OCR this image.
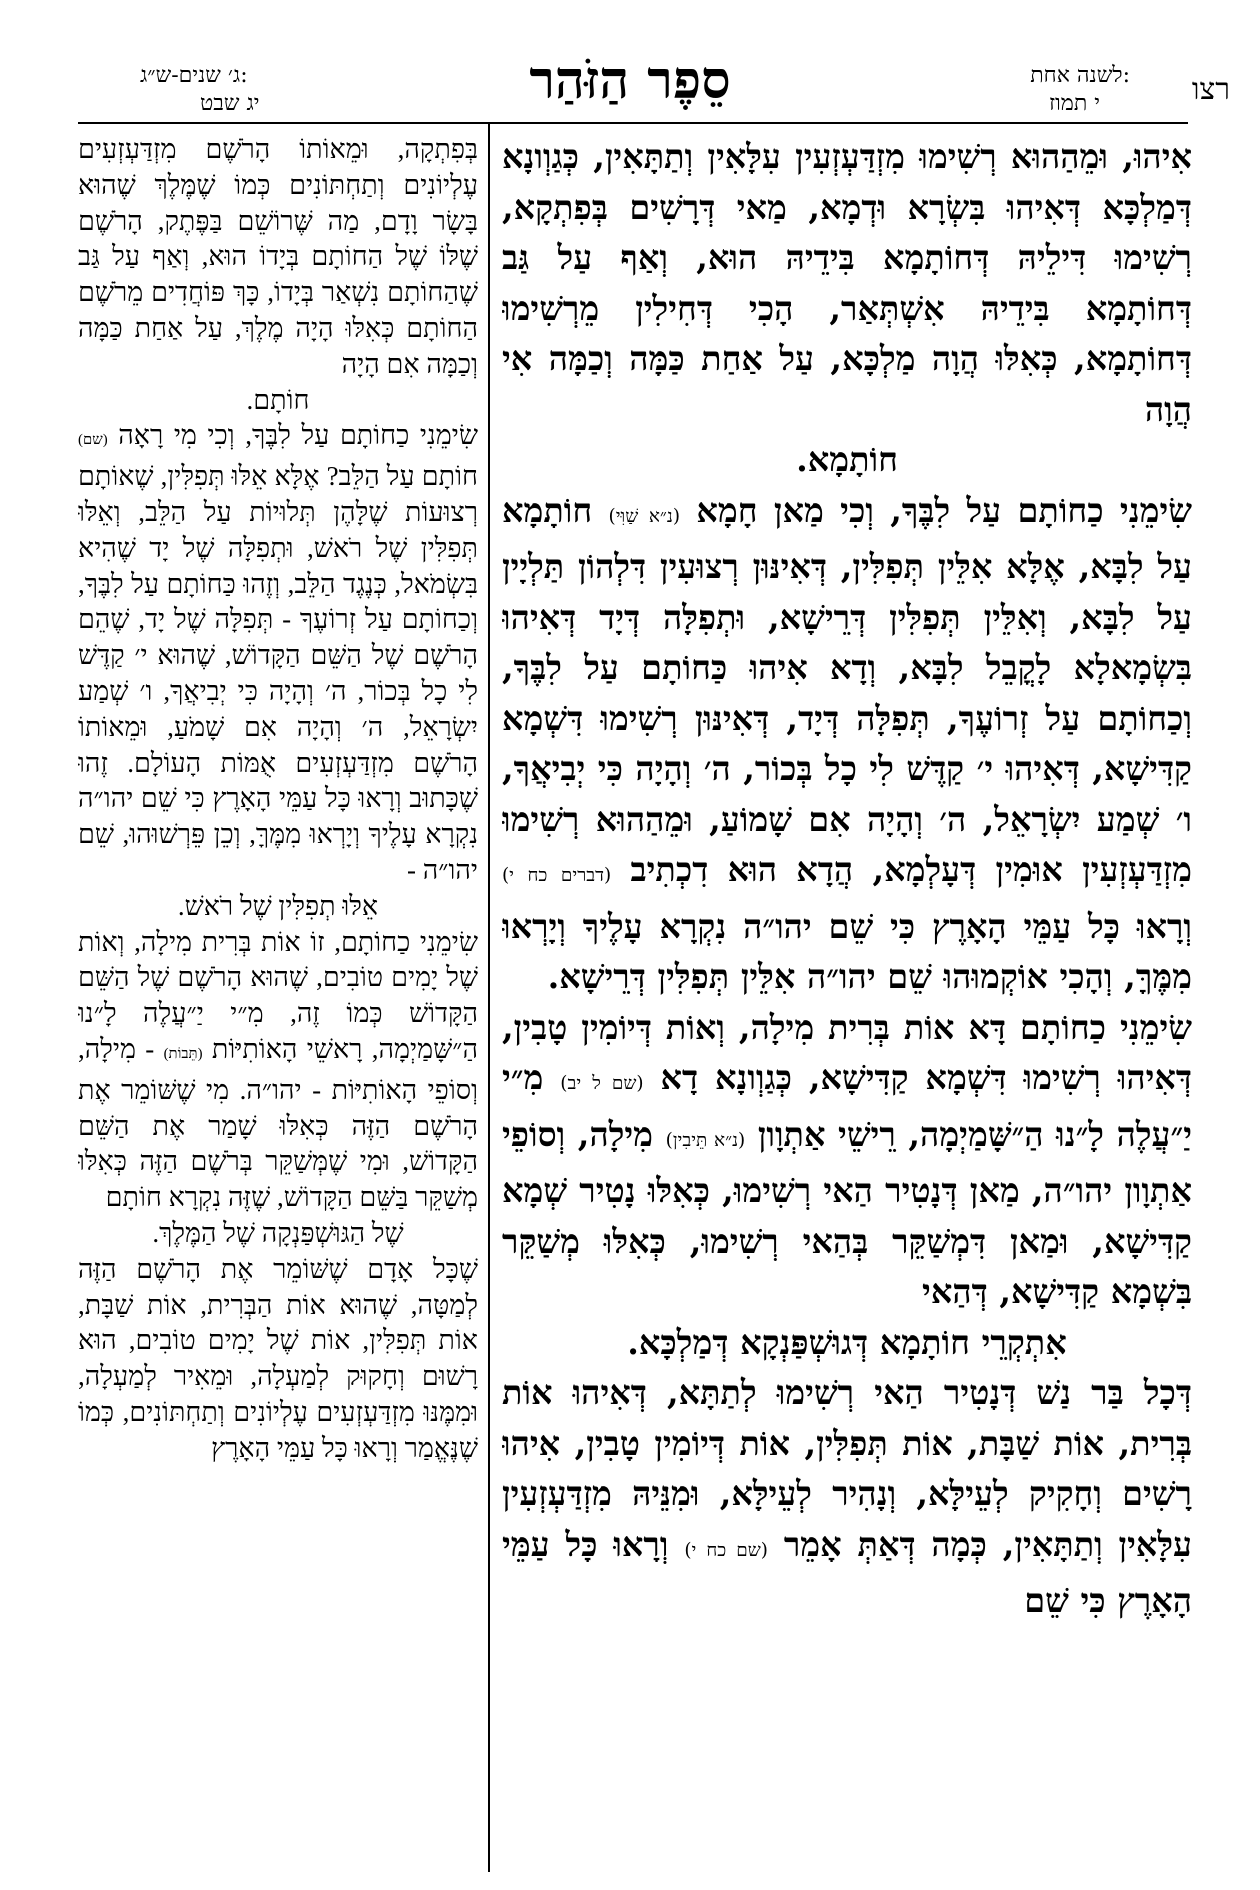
רצו
לשנה אחת:
י תמוז
סֵפֶר הַזֹּהַר
ג׳ שנים-ש״ג:
יג שבט

אִיהוּ, וּמֵהַהוּא רְשִׁימוּ מִזְדַּעְזְעִין עִלָּאִין וְתַתָּאִין, כְּגַוְונָא דְּמַלְכָּא דְּאִיהוּ בִּשְׂרָא וּדְמָא, מַאי דְּרָשִׁים בְּפִתְקָא, רְשִׁימוּ דִּילֵיהּ דְּחוֹתָמָא בִּידֵיהּ הוּא, וְאַף עַל גַּב דְּחוֹתָמָא בִּידֵיהּ אִשְׁתְּאַר, הָכִי דְּחִילִין מֵרְשִׁימוּ דְּחוֹתָמָא, כְּאִלּוּ הֲוָה מַלְכָּא, עַל אַחַת כַּמָּה וְכַמָּה אִי הֲוָה

חוֹתָמָא.

שִׂימֵנִי כַחוֹתָם עַל לִבֶּךָ, וְכִי מַאן חָמָא (נ״א שַׁוִּי) חוֹתָמָא עַל לִבָּא, אֶלָּא אִלֵּין תְּפִלִּין, דְּאִינּוּן רְצוּעִין דִּלְהוֹן תַּלְיָין עַל לִבָּא, וְאִלֵּין תְּפִלִּין דְּרֵישָׁא, וּתְפִלָּה דְּיָד דְּאִיהוּ בִּשְׂמָאלָא לָקֳבֵל לִבָּא, וְדָא אִיהוּ כַּחוֹתָם עַל לִבֶּךָ, וְכַחוֹתָם עַל זְרוֹעֶךָ, תְּפִלָּה דְּיָד, דְּאִינּוּן רְשִׁימוּ דִּשְׁמָא קַדִּישָׁא, דְּאִיהוּ י׳ קַדֶּשׁ לִי כָל בְּכוֹר, ה׳ וְהָיָה כִּי יְבִיאֲךָ, ו׳ שְׁמַע יִשְׂרָאֵל, ה׳ וְהָיָה אִם שָׁמוֹעַ, וּמֵהַהוּא רְשִׁימוּ מִזְדַּעְזְעִין אוּמִין דְּעָלְמָא, הֲדָא הוּא דִכְתִיב (דברים כח י) וְרָאוּ כָּל עַמֵּי הָאָרֶץ כִּי שֵׁם יהו״ה נִקְרָא עָלֶיךָ וְיָרְאוּ מִמֶּךָּ, וְהָכִי אוֹקְמוּהוּ שֵׁם יהו״ה אִלֵּין תְּפִלִּין דְּרֵישָׁא.

שִׂימֵנִי כַחוֹתָם דָּא אוֹת בְּרִית מִילָה, וְאוֹת דְּיוֹמִין טָבִין, דְּאִיהוּ רְשִׁימוּ דִּשְׁמָא קַדִּישָׁא, כְּגַוְונָא דָא (שם ל יב) מִ״י יַ״עֲלֶה לָ״נוּ הַ״שָּׁמַיְמָה, רֵישֵׁי אַתְוָון (נ״א תֵּיבִין) מִילָה, וְסוֹפֵי אַתְוָון יהו״ה, מַאן דְּנָטִיר הַאי רְשִׁימוּ, כְּאִלּוּ נָטִיר שְׁמָא קַדִּישָׁא, וּמַאן דִּמְשַׁקֵּר בְּהַאי רְשִׁימוּ, כְּאִלּוּ מְשַׁקֵּר בִּשְׁמָא קַדִּישָׁא, דְּהַאי

אִתְקְרֵי חוֹתָמָא דְּגוּשְׁפַּנְקָא דְּמַלְכָּא.

דְּכָל בַּר נַשׁ דְּנָטִיר הַאי רְשִׁימוּ לְתַתָּא, דְּאִיהוּ אוֹת בְּרִית, אוֹת שַׁבָּת, אוֹת תְּפִלִּין, אוֹת דְּיוֹמִין טָבִין, אִיהוּ רָשִׁים וְחָקִיק לְעֵילָּא, וְנָהִיר לְעֵילָּא, וּמִנֵּיהּ מִזְדַּעְזְעִין עִלָּאִין וְתַתָּאִין, כְּמָה דְּאַתְּ אָמֵר (שם כח י) וְרָאוּ כָּל עַמֵּי הָאָרֶץ כִּי שֵׁם

בְּפִתְקָה, וּמֵאוֹתוֹ הָרֹשֶׁם מִזְדַּעְזְעִים עֶלְיוֹנִים וְתַחְתּוֹנִים כְּמוֹ שֶׁמֶּלֶךְ שֶׁהוּא בָּשָׂר וָדָם, מַה שֶּׁרוֹשֵׁם בַּפֶּתֶק, הָרֹשֶׁם שֶׁלּוֹ שֶׁל הַחוֹתָם בְּיָדוֹ הוּא, וְאַף עַל גַּב שֶׁהַחוֹתָם נִשְׁאַר בְּיָדוֹ, כָּךְ פּוֹחֲדִים מֵרֹשֶׁם הַחוֹתָם כְּאִלּוּ הָיָה מֶלֶךְ, עַל אַחַת כַּמָּה וְכַמָּה אִם הָיָה

חוֹתָם.

שִׂימֵנִי כַחוֹתָם עַל לִבֶּךָ, וְכִי מִי רָאָה (שם) חוֹתָם עַל הַלֵּב? אֶלָּא אֵלּוּ תְּפִלִּין, שֶׁאוֹתָם רְצוּעוֹת שֶׁלָּהֶן תְּלוּיוֹת עַל הַלֵּב, וְאֵלּוּ תְּפִלִּין שֶׁל רֹאשׁ, וּתְפִלָּה שֶׁל יָד שֶׁהִיא בִּשְׂמֹאל, כְּנֶגֶד הַלֵּב, וְזֶהוּ כַּחוֹתָם עַל לִבֶּךָ, וְכַחוֹתָם עַל זְרוֹעֶךָ - תְּפִלָּה שֶׁל יָד, שֶׁהֵם הָרֹשֶׁם שֶׁל הַשֵּׁם הַקָּדוֹשׁ, שֶׁהוּא י׳ קַדֶּשׁ לִי כָל בְּכוֹר, ה׳ וְהָיָה כִּי יְבִיאֲךָ, ו׳ שְׁמַע יִשְׂרָאֵל, ה׳ וְהָיָה אִם שָׁמֹעַ, וּמֵאוֹתוֹ הָרֹשֶׁם מִזְדַּעְזְעִים אֻמּוֹת הָעוֹלָם. זֶהוּ שֶׁכָּתוּב וְרָאוּ כָּל עַמֵּי הָאָרֶץ כִּי שֵׁם יהו״ה נִקְרָא עָלֶיךָ וְיָרְאוּ מִמֶּךָּ, וְכֵן פֵּרְשׁוּהוּ, שֵׁם יהו״ה -

אֵלּוּ תְפִלִּין שֶׁל רֹאשׁ.

שִׂימֵנִי כַחוֹתָם, זוֹ אוֹת בְּרִית מִילָה, וְאוֹת שֶׁל יָמִים טוֹבִים, שֶׁהוּא הָרֹשֶׁם שֶׁל הַשֵּׁם הַקָּדוֹשׁ כְּמוֹ זֶה, מִ״י יַ״עֲלֶה לָ״נוּ הַ״שָּׁמַיְמָה, רָאשֵׁי הָאוֹתִיּוֹת (תֵּבוֹת) - מִילָה, וְסוֹפֵי הָאוֹתִיּוֹת - יהו״ה. מִי שֶׁשּׁוֹמֵר אֶת הָרֹשֶׁם הַזֶּה כְּאִלּוּ שָׁמַר אֶת הַשֵּׁם הַקָּדוֹשׁ, וּמִי שֶׁמְּשַׁקֵּר בְּרֹשֶׁם הַזֶּה כְּאִלּוּ מְשַׁקֵּר בַּשֵּׁם הַקָּדוֹשׁ, שֶׁזֶּה נִקְרָא חוֹתָם

שֶׁל הַגּוּשְׁפַּנְקָה שֶׁל הַמֶּלֶךְ.

שֶׁכָּל אָדָם שֶׁשּׁוֹמֵר אֶת הָרֹשֶׁם הַזֶּה לְמַטָּה, שֶׁהוּא אוֹת הַבְּרִית, אוֹת שַׁבָּת, אוֹת תְּפִלִּין, אוֹת שֶׁל יָמִים טוֹבִים, הוּא רָשׁוּם וְחָקוּק לְמַעְלָה, וּמֵאִיר לְמַעְלָה, וּמִמֶּנּוּ מִזְדַּעְזְעִים עֶלְיוֹנִים וְתַחְתּוֹנִים, כְּמוֹ שֶׁנֶּאֱמַר וְרָאוּ כָּל עַמֵּי הָאָרֶץ
